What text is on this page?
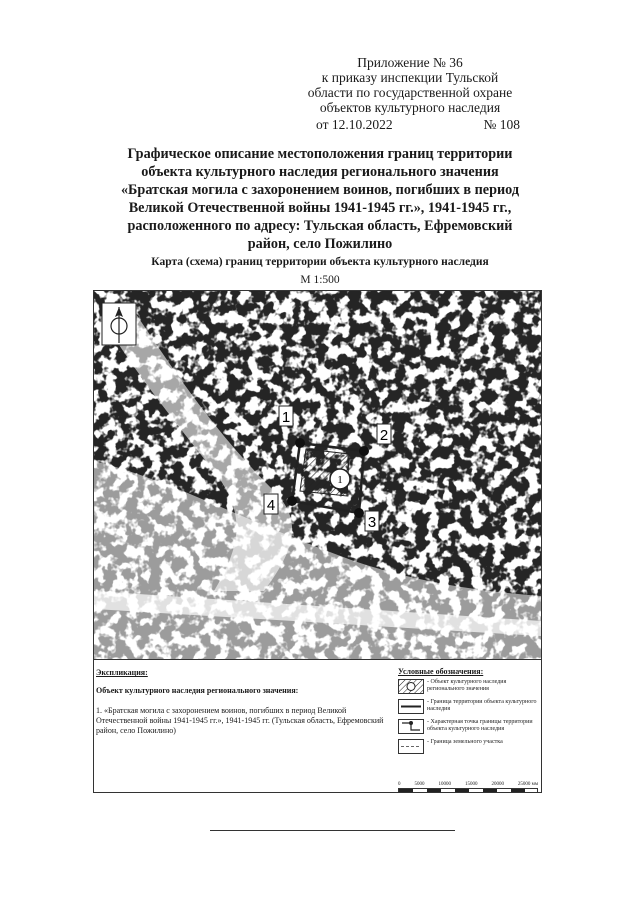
Приложение № 36
к приказу инспекции Тульской
области по государственной охране
объектов культурного наследия
от 12.10.2022	№ 108
Графическое описание местоположения границ территории
объекта культурного наследия регионального значения
«Братская могила с захоронением воинов, погибших в период
Великой Отечественной войны 1941-1945 гг.», 1941-1945 гг.,
расположенного по адресу: Тульская область, Ефремовский
район, село Пожилино
Карта (схема) границ территории объекта культурного наследия
М 1:500
1
1
2
3
4
Экспликация:
Объект культурного наследия регионального значения:
1. «Братская могила с захоронением воинов, погибших в период Великой Отечественной войны 1941-1945 гг.», 1941-1945 гг. (Тульская область, Ефремовский район, село Пожилино)
Условные обозначения:
- Объект культурного наследия регионального значения
- Граница территории объекта культурного наследия
- Характерная точка границы территории объекта культурного наследия
- Граница земельного участка
0	5000	10000	15000	20000	25000 мм
